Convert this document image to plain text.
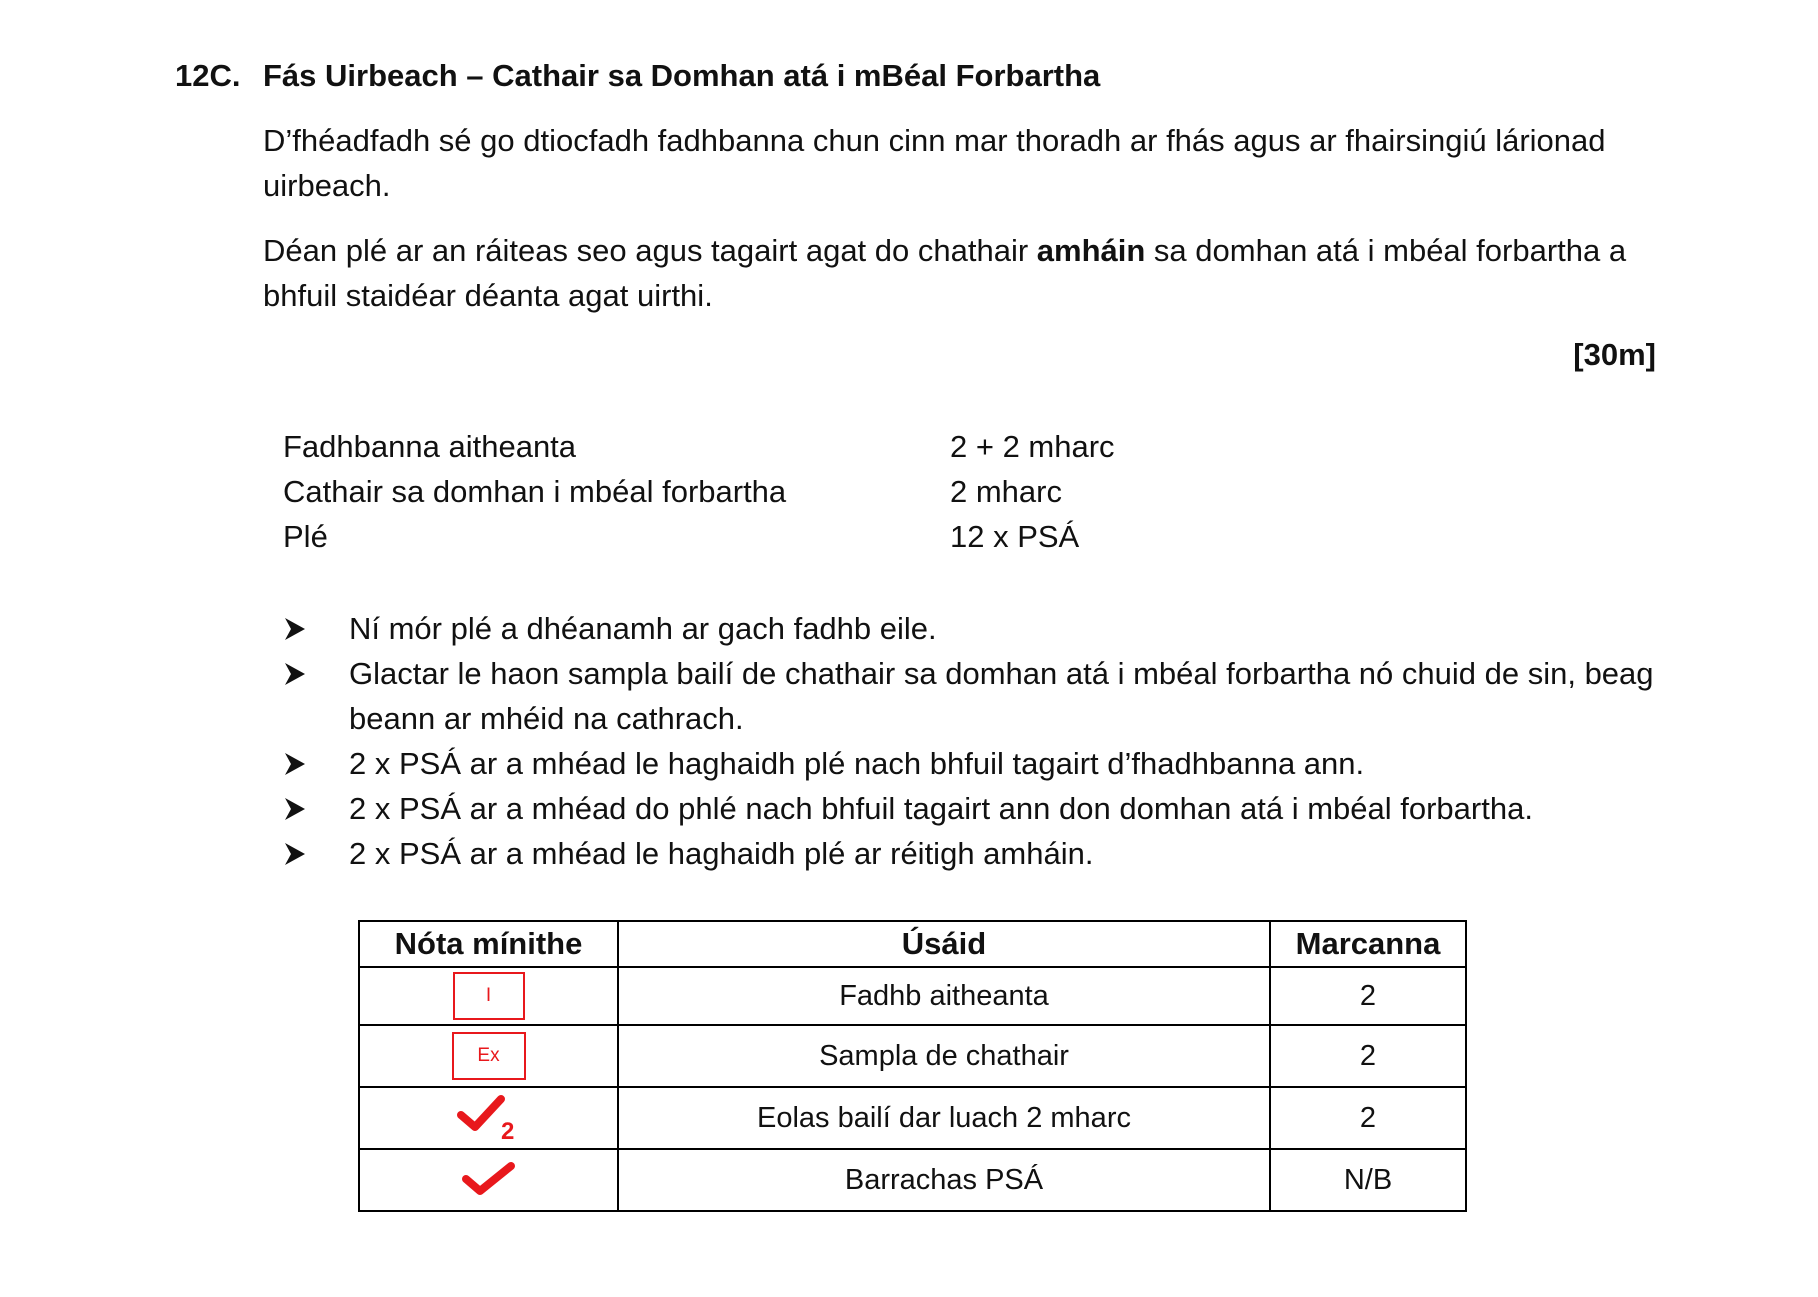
12C. Fás Uirbeach – Cathair sa Domhan atá i mBéal Forbartha
D’fhéadfadh sé go dtiocfadh fadhbanna chun cinn mar thoradh ar fhás agus ar fhairsingiú lárionad uirbeach.
Déan plé ar an ráiteas seo agus tagairt agat do chathair amháin sa domhan atá i mbéal forbartha a bhfuil staidéar déanta agat uirthi.
[30m]
Fadhbanna aitheanta	2 + 2 mharc
Cathair sa domhan i mbéal forbartha	2 mharc
Plé	12 x PSÁ
Ní mór plé a dhéanamh ar gach fadhb eile.
Glactar le haon sampla bailí de chathair sa domhan atá i mbéal forbartha nó chuid de sin, beag beann ar mhéid na cathrach.
2 x PSÁ ar a mhéad le haghaidh plé nach bhfuil tagairt d’fhadhbanna ann.
2 x PSÁ ar a mhéad do phlé nach bhfuil tagairt ann don domhan atá i mbéal forbartha.
2 x PSÁ ar a mhéad le haghaidh plé ar réitigh amháin.
Nóta mínithe	Úsáid	Marcanna
I	Fadhb aitheanta	2
Ex	Sampla de chathair	2

2	Eolas bailí dar luach 2 mharc	2
	Barrachas PSÁ	N/B
